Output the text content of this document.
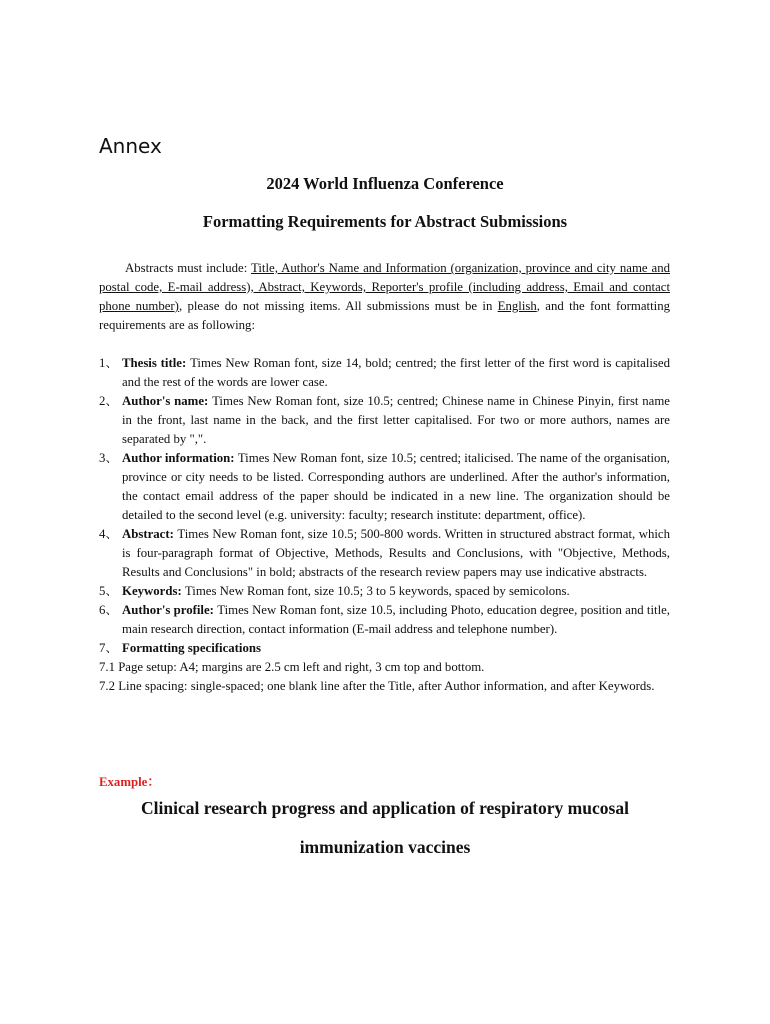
Annex
2024 World Influenza Conference
Formatting Requirements for Abstract Submissions

Abstracts must include: Title, Author's Name and Information (organization, province and city name and postal code, E-mail address), Abstract, Keywords, Reporter's profile (including address, Email and contact phone number), please do not missing items. All submissions must be in English, and the font formatting requirements are as following:

1、 Thesis title: Times New Roman font, size 14, bold; centred; the first letter of the first word is capitalised and the rest of the words are lower case.

2、 Author's name: Times New Roman font, size 10.5; centred; Chinese name in Chinese Pinyin, first name in the front, last name in the back, and the first letter capitalised. For two or more authors, names are separated by ",".

3、 Author information: Times New Roman font, size 10.5; centred; italicised. The name of the organisation, province or city needs to be listed. Corresponding authors are underlined. After the author's information, the contact email address of the paper should be indicated in a new line. The organization should be detailed to the second level (e.g. university: faculty; research institute: department, office).

4、 Abstract: Times New Roman font, size 10.5; 500-800 words. Written in structured abstract format, which is four-paragraph format of Objective, Methods, Results and Conclusions, with "Objective, Methods, Results and Conclusions" in bold; abstracts of the research review papers may use indicative abstracts.

5、 Keywords: Times New Roman font, size 10.5; 3 to 5 keywords, spaced by semicolons.

6、 Author's profile: Times New Roman font, size 10.5, including Photo, education degree, position and title, main research direction, contact information (E-mail address and telephone number).

7、 Formatting specifications

7.1 Page setup: A4; margins are 2.5 cm left and right, 3 cm top and bottom.

7.2 Line spacing: single-spaced; one blank line after the Title, after Author information, and after Keywords.

Example：
Clinical research progress and application of respiratory mucosal
immunization vaccines
